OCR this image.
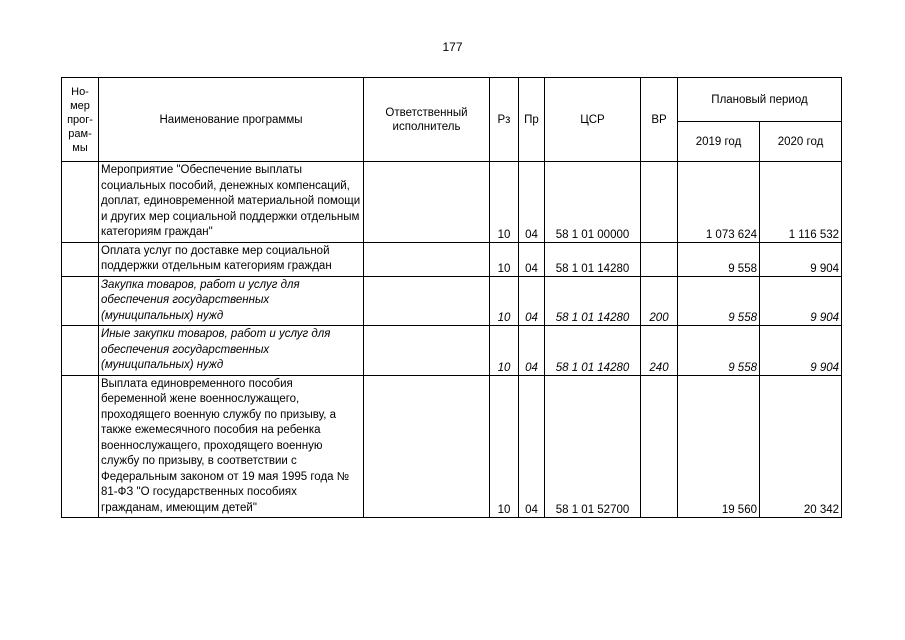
177
Но-
мер
прог-
рам-
мы	Наименование программы	Ответственный исполнитель	Рз	Пр	ЦСР	ВР	Плановый период	
							2019 год	2020 год
	Мероприятие "Обеспечение выплаты социальных пособий, денежных компенсаций, доплат, единовременной материальной помощи и других мер социальной поддержки отдельным категориям граждан"		10	04	58 1 01 00000		1 073 624	1 116 532
	Оплата услуг по доставке мер социальной поддержки отдельным категориям граждан		10	04	58 1 01 14280		9 558	9 904
	Закупка товаров, работ и услуг для обеспечения государственных (муниципальных) нужд		10	04	58 1 01 14280	200	9 558	9 904
	Иные закупки товаров, работ и услуг для обеспечения государственных (муниципальных) нужд		10	04	58 1 01 14280	240	9 558	9 904
	Выплата единовременного пособия беременной жене военнослужащего, проходящего военную службу по призыву, а также ежемесячного пособия на ребенка военнослужащего, проходящего военную службу по призыву, в соответствии с Федеральным законом от 19 мая 1995 года № 81-ФЗ "О государственных пособиях гражданам, имеющим детей"		10	04	58 1 01 52700		19 560	20 342
